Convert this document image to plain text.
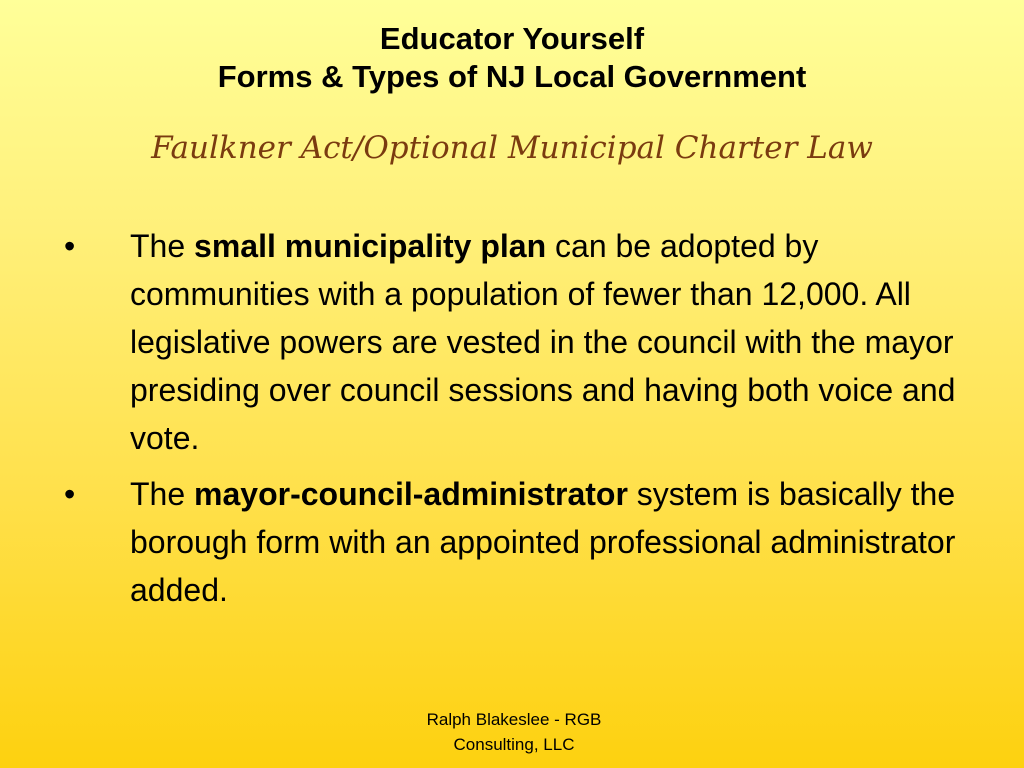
Educator Yourself
Forms & Types of NJ Local Government
Faulkner Act/Optional Municipal Charter Law
• The small municipality plan can be adopted by communities with a population of fewer than 12,000. All legislative powers are vested in the council with the mayor presiding over council sessions and having both voice and vote.
• The mayor-council-administrator system is basically the borough form with an appointed professional administrator added.
Ralph Blakeslee - RGB
Consulting, LLC
